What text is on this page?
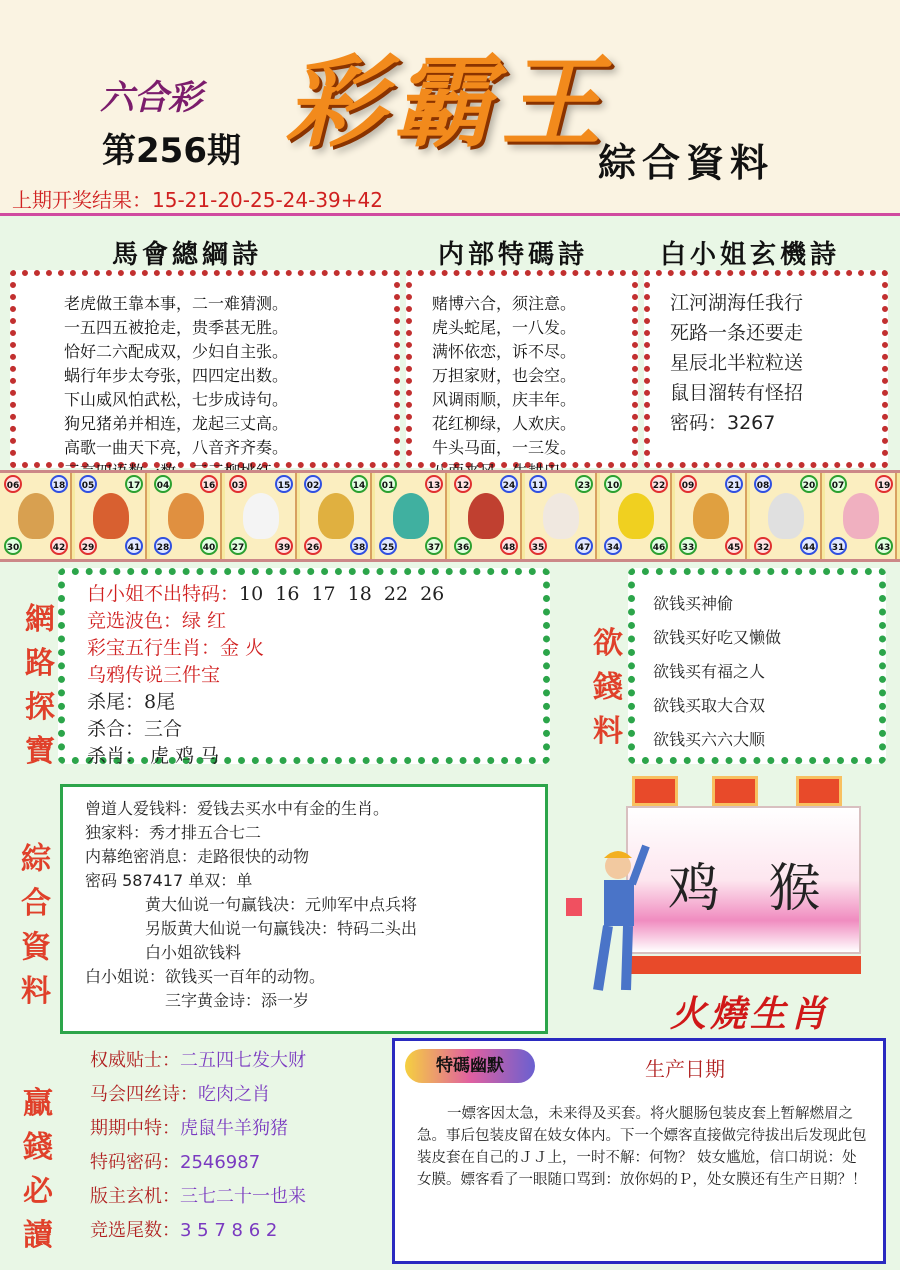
六合彩
第256期 彩霸王
綜合資料
上期开奖结果：15-21-20-25-24-39+42
馬會總綱詩	内部特碼詩	白小姐玄機詩
老虎做王靠本事，二一难猜测。
一五四五被抢走，贵季甚无胜。
恰好二六配成双，少妇自主张。
蜗行年步太夸张，四四定出数。
下山威风怕武松，七步成诗句。
狗兄猪弟并相连，龙起三丈高。
高歌一曲天下亮，八音齐齐奏。
赌博六合，须注意。
虎头蛇尾，一八发。
满怀依恋，诉不尽。
万担家财，也会空。
风调雨顺，庆丰年。
花红柳绿，人欢庆。
牛头马面，一三发。
江河湖海任我行
死路一条还要走
星辰北半粒粒送
鼠目溜转有怪招
密码：3267
06	18
30	42
05	17
29	41
04	16
28	40
03	15
27	39
02	14
26	38
01	13
25	37
12	24
36	48
11	23
35	47
10	22
34	46
09	21
33	45
08	20
32	44
07	19
31	43
網
路
探
寶
白小姐不出特码：10 16 17 18 22 26
竞选波色：绿 红
彩宝五行生肖：金 火
乌鸦传说三件宝
杀尾：8尾
杀合：三合
杀肖： 虎 鸡 马
欲
錢
料
欲钱买神偷
欲钱买好吃又懒做
欲钱买有福之人
欲钱买取大合双
欲钱买六六大顺
綜
合
資
料
曾道人爱钱料：爱钱去买水中有金的生肖。
独家料：秀才排五合七二
内幕绝密消息：走路很快的动物
密码 587417 单双：单
黄大仙说一句赢钱决：元帅军中点兵将
另版黄大仙说一句赢钱决：特码二头出
白小姐欲钱料
白小姐说：欲钱买一百年的动物。
三字黄金诗：添一岁
鸡 猴
火燒生肖
贏
錢
必
讀
权威贴士：二五四七发大财
马会四丝诗：吃肉之肖
期期中特：虎鼠牛羊狗猪
特码密码：2546987
版主玄机：三七二十一也来
竞选尾数：3 5 7 8 6 2
特碼幽默	生产日期
一嫖客因太急，未来得及买套。将火腿肠包装皮套上暂解燃眉之急。事后包装皮留在妓女体内。下一个嫖客直接做完待拔出后发现此包装皮套在自己的ＪＪ上，一时不解：何物？ 妓女尴尬，信口胡说：处女膜。嫖客看了一眼随口骂到：放你妈的Ｐ，处女膜还有生产日期？！
